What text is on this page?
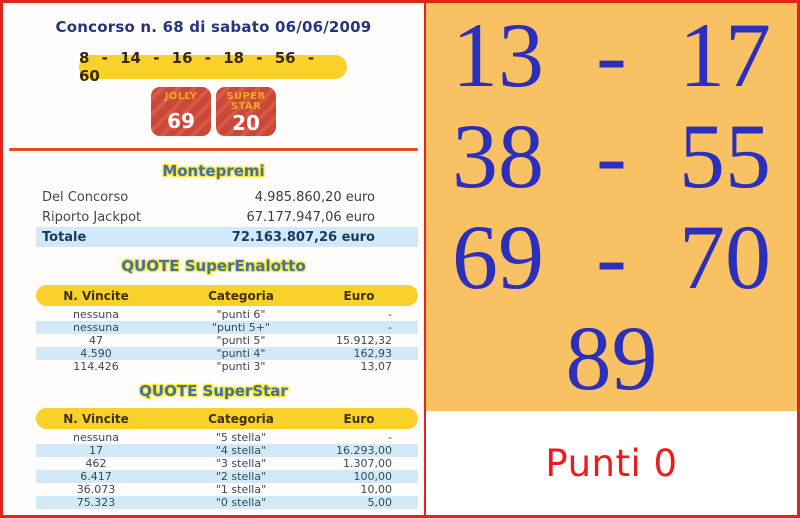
Concorso n. 68 di sabato 06/06/2009
8 - 14 - 16 - 18 - 56 - 60
JOLLY
69
SUPER STAR
20
Montepremi
Del Concorso	4.985.860,20 euro
Riporto Jackpot	67.177.947,06 euro
Totale	72.163.807,26 euro
QUOTE SuperEnalotto
N. Vincite	Categoria	Euro
nessuna	"punti 6"	-
nessuna	"punti 5+"	-
47	"punti 5"	15.912,32
4.590	"punti 4"	162,93
114.426	"punti 3"	13,07
QUOTE SuperStar
N. Vincite	Categoria	Euro
nessuna	"5 stella"	-
17	"4 stella"	16.293,00
462	"3 stella"	1.307,00
6.417	"2 stella"	100,00
36.073	"1 stella"	10,00
75.323	"0 stella"	5,00
13 - 17
38 - 55
69 - 70
89
Punti 0
